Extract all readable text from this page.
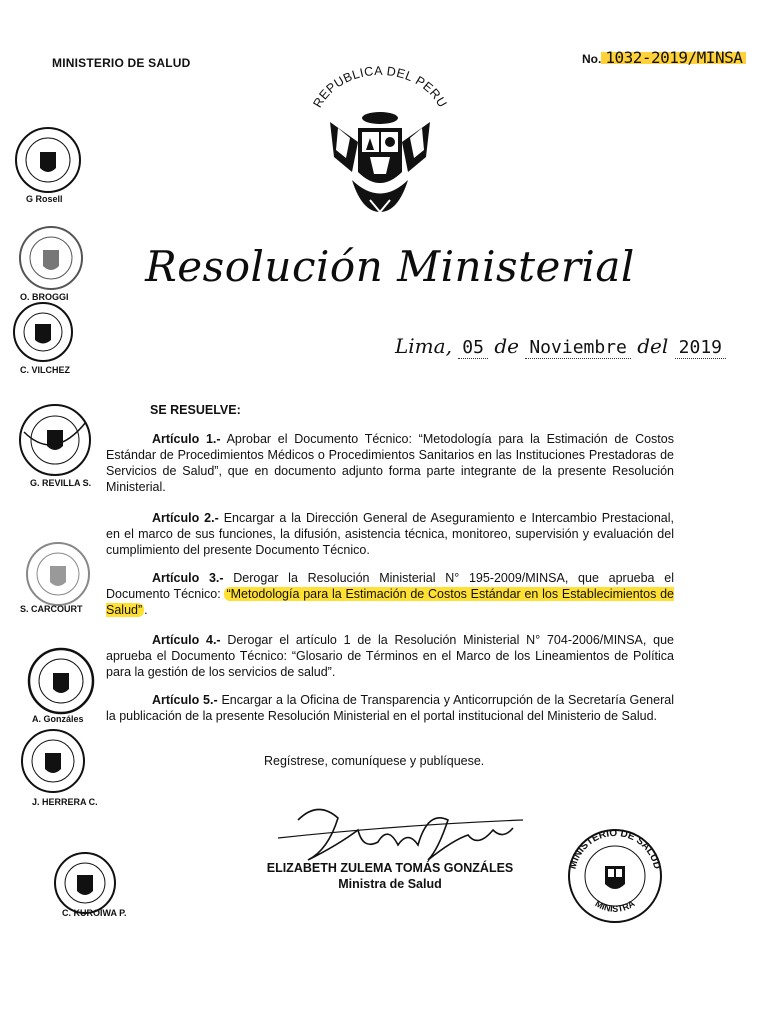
MINISTERIO DE SALUD	No. 1032-2019/MINSA
REPUBLICA DEL PERU
Resolución Ministerial
Lima, 05 de Noviembre del 2019
SE RESUELVE:
Artículo 1.- Aprobar el Documento Técnico: “Metodología para la Estimación de Costos Estándar de Procedimientos Médicos o Procedimientos Sanitarios en las Instituciones Prestadoras de Servicios de Salud”, que en documento adjunto forma parte integrante de la presente Resolución Ministerial.
Artículo 2.- Encargar a la Dirección General de Aseguramiento e Intercambio Prestacional, en el marco de sus funciones, la difusión, asistencia técnica, monitoreo, supervisión y evaluación del cumplimiento del presente Documento Técnico.
Artículo 3.- Derogar la Resolución Ministerial N° 195-2009/MINSA, que aprueba el Documento Técnico: “Metodología para la Estimación de Costos Estándar en los Establecimientos de Salud” .
Artículo 4.- Derogar el artículo 1 de la Resolución Ministerial N° 704-2006/MINSA, que aprueba el Documento Técnico: “Glosario de Términos en el Marco de los Lineamientos de Política para la gestión de los servicios de salud”.
Artículo 5.- Encargar a la Oficina de Transparencia y Anticorrupción de la Secretaría General la publicación de la presente Resolución Ministerial en el portal institucional del Ministerio de Salud.
Regístrese, comuníquese y publíquese.
ELIZABETH ZULEMA TOMÁS GONZÁLES
Ministra de Salud
G Rosell
O. BROGGI
C. VILCHEZ
G. REVILLA S.
S. CARCOURT
A. Gonzáles
J. HERRERA C.
C. KUROIWA P.
MINISTERIO DE SALUD
MINISTRA
